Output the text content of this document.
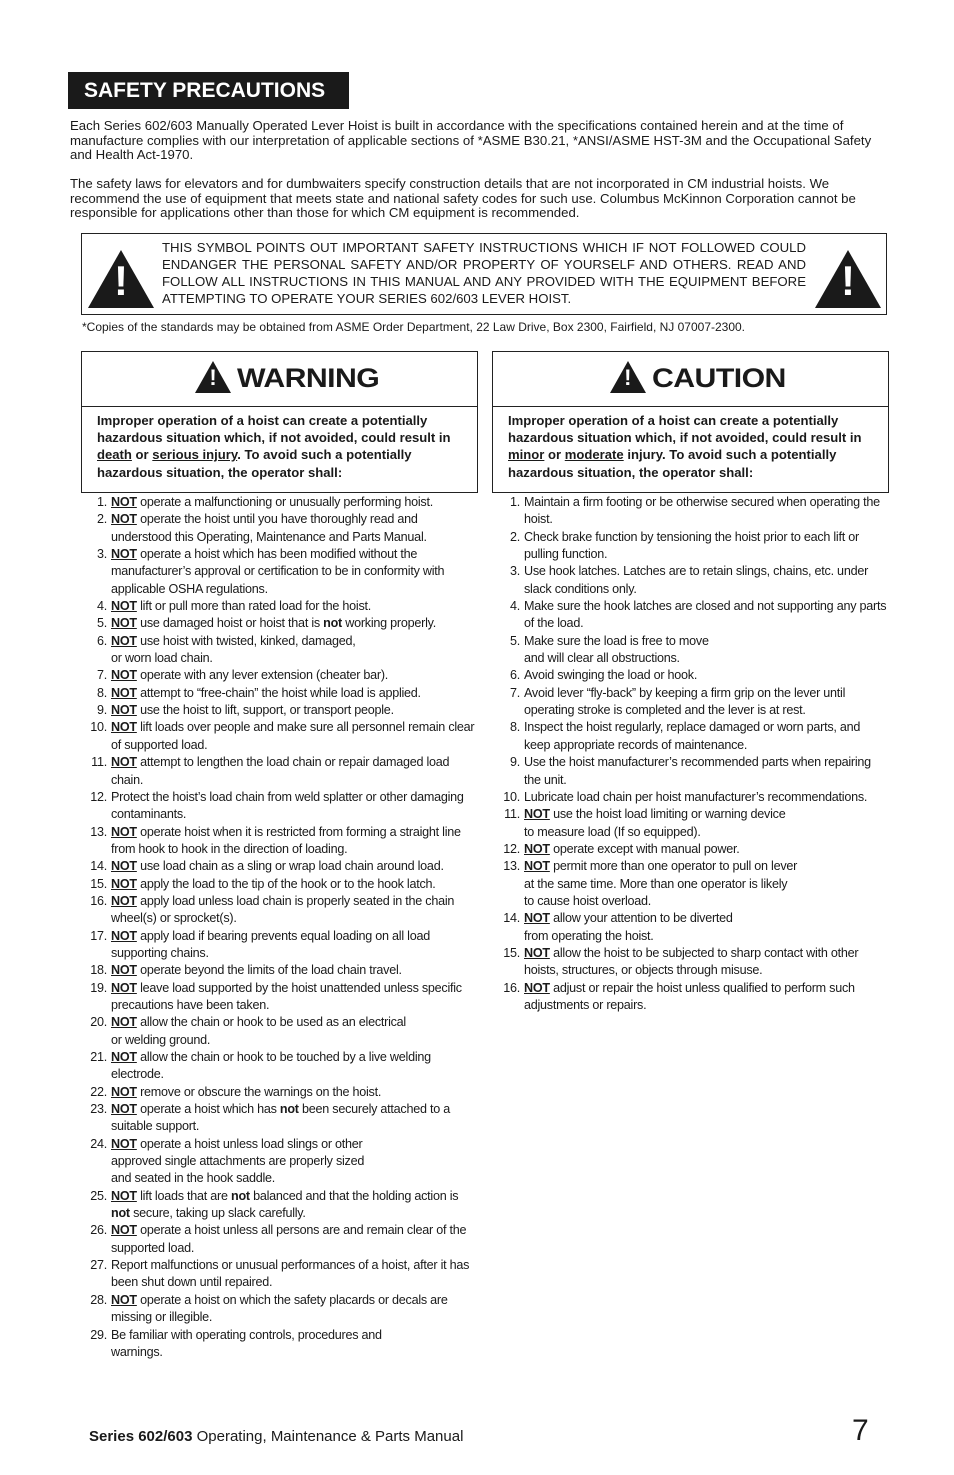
SAFETY PRECAUTIONS
Each Series 602/603 Manually Operated Lever Hoist is built in accordance with the specifications contained herein and at the time of manufacture complies with our interpretation of applicable sections of *ASME B30.21, *ANSI/ASME HST-3M and the Occupational Safety and Health Act-1970.
The safety laws for elevators and for dumbwaiters specify construction details that are not incorporated in CM industrial hoists. We recommend the use of equipment that meets state and national safety codes for such use. Columbus McKinnon Corporation cannot be responsible for applications other than those for which CM equipment is recommended.
!
THIS SYMBOL POINTS OUT IMPORTANT SAFETY INSTRUCTIONS WHICH IF NOT FOLLOWED COULD ENDANGER THE PERSONAL SAFETY AND/OR PROPERTY OF YOURSELF AND OTHERS. READ AND FOLLOW ALL INSTRUCTIONS IN THIS MANUAL AND ANY PROVIDED WITH THE EQUIPMENT BEFORE ATTEMPTING TO OPERATE YOUR SERIES 602/603 LEVER HOIST.	!
*Copies of the standards may be obtained from ASME Order Department, 22 Law Drive, Box 2300, Fairfield, NJ 07007-2300.
! WARNING
Improper operation of a hoist can create a potentially hazardous situation which, if not avoided, could result in death or serious injury. To avoid such a potentially hazardous situation, the operator shall:
! CAUTION
Improper operation of a hoist can create a potentially hazardous situation which, if not avoided, could result in minor or moderate injury. To avoid such a potentially hazardous situation, the operator shall:
1. NOT operate a malfunctioning or unusually performing hoist.
2. NOT operate the hoist until you have thoroughly read and understood this Operating, Maintenance and Parts Manual.
3. NOT operate a hoist which has been modified without the manufacturer’s approval or certification to be in conformity with applicable OSHA regulations.
4. NOT lift or pull more than rated load for the hoist.
5. NOT use damaged hoist or hoist that is not working properly.
6. NOT use hoist with twisted, kinked, damaged,
or worn load chain.
7. NOT operate with any lever extension (cheater bar).
8. NOT attempt to “free-chain” the hoist while load is applied.
9. NOT use the hoist to lift, support, or transport people.
10. NOT lift loads over people and make sure all personnel remain clear of supported load.
11. NOT attempt to lengthen the load chain or repair damaged load chain.
12. Protect the hoist’s load chain from weld splatter or other damaging contaminants.
13. NOT operate hoist when it is restricted from forming a straight line from hook to hook in the direction of loading.
14. NOT use load chain as a sling or wrap load chain around load.
15. NOT apply the load to the tip of the hook or to the hook latch.
16. NOT apply load unless load chain is properly seated in the chain wheel(s) or sprocket(s).
17. NOT apply load if bearing prevents equal loading on all load supporting chains.
18. NOT operate beyond the limits of the load chain travel.
19. NOT leave load supported by the hoist unattended unless specific precautions have been taken.
20. NOT allow the chain or hook to be used as an electrical
or welding ground.
21. NOT allow the chain or hook to be touched by a live welding electrode.
22. NOT remove or obscure the warnings on the hoist.
23. NOT operate a hoist which has not been securely attached to a suitable support.
24. NOT operate a hoist unless load slings or other
approved single attachments are properly sized
and seated in the hook saddle.
25. NOT lift loads that are not balanced and that the holding action is not secure, taking up slack carefully.
26. NOT operate a hoist unless all persons are and remain clear of the supported load.
27. Report malfunctions or unusual performances of a hoist, after it has been shut down until repaired.
28. NOT operate a hoist on which the safety placards or decals are missing or illegible.
29. Be familiar with operating controls, procedures and
warnings.
1. Maintain a firm footing or be otherwise secured when operating the hoist.
2. Check brake function by tensioning the hoist prior to each lift or pulling function.
3. Use hook latches. Latches are to retain slings, chains, etc. under slack conditions only.
4. Make sure the hook latches are closed and not supporting any parts of the load.
5. Make sure the load is free to move
and will clear all obstructions.
6. Avoid swinging the load or hook.
7. Avoid lever “fly-back” by keeping a firm grip on the lever until operating stroke is completed and the lever is at rest.
8. Inspect the hoist regularly, replace damaged or worn parts, and keep appropriate records of maintenance.
9. Use the hoist manufacturer’s recommended parts when repairing the unit.
10. Lubricate load chain per hoist manufacturer’s recommendations.
11. NOT use the hoist load limiting or warning device
to measure load (If so equipped).
12. NOT operate except with manual power.
13. NOT permit more than one operator to pull on lever
at the same time. More than one operator is likely
to cause hoist overload.
14. NOT allow your attention to be diverted
from operating the hoist.
15. NOT allow the hoist to be subjected to sharp contact with other hoists, structures, or objects through misuse.
16. NOT adjust or repair the hoist unless qualified to perform such adjustments or repairs.
Series 602/603 Operating, Maintenance & Parts Manual	7
